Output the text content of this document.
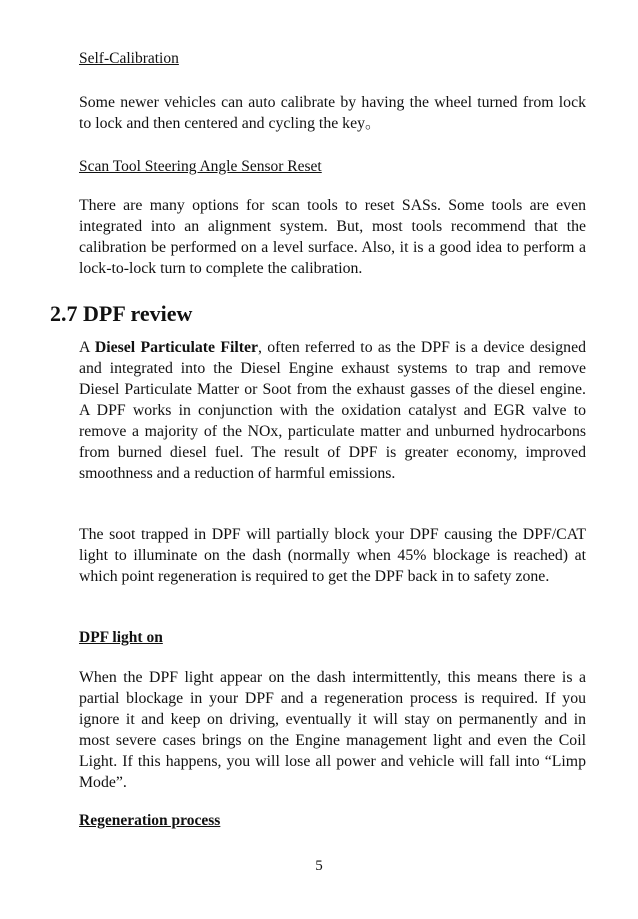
Self-Calibration

Some newer vehicles can auto calibrate by having the wheel turned from lock to lock and then centered and cycling the key。

Scan Tool Steering Angle Sensor Reset

There are many options for scan tools to reset SASs. Some tools are even integrated into an alignment system. But, most tools recommend that the calibration be performed on a level surface. Also, it is a good idea to perform a lock-to-lock turn to complete the calibration.

2.7 DPF review

A Diesel Particulate Filter, often referred to as the DPF is a device designed and integrated into the Diesel Engine exhaust systems to trap and remove Diesel Particulate Matter or Soot from the exhaust gasses of the diesel engine. A DPF works in conjunction with the oxidation catalyst and EGR valve to remove a majority of the NOx, particulate matter and unburned hydrocarbons from burned diesel fuel. The result of DPF is greater economy, improved smoothness and a reduction of harmful emissions.

The soot trapped in DPF will partially block your DPF causing the DPF/CAT light to illuminate on the dash (normally when 45% blockage is reached) at which point regeneration is required to get the DPF back in to safety zone.

DPF light on

When the DPF light appear on the dash intermittently, this means there is a partial blockage in your DPF and a regeneration process is required. If you ignore it and keep on driving, eventually it will stay on permanently and in most severe cases brings on the Engine management light and even the Coil Light. If this happens, you will lose all power and vehicle will fall into “Limp Mode”.

Regeneration process
5
